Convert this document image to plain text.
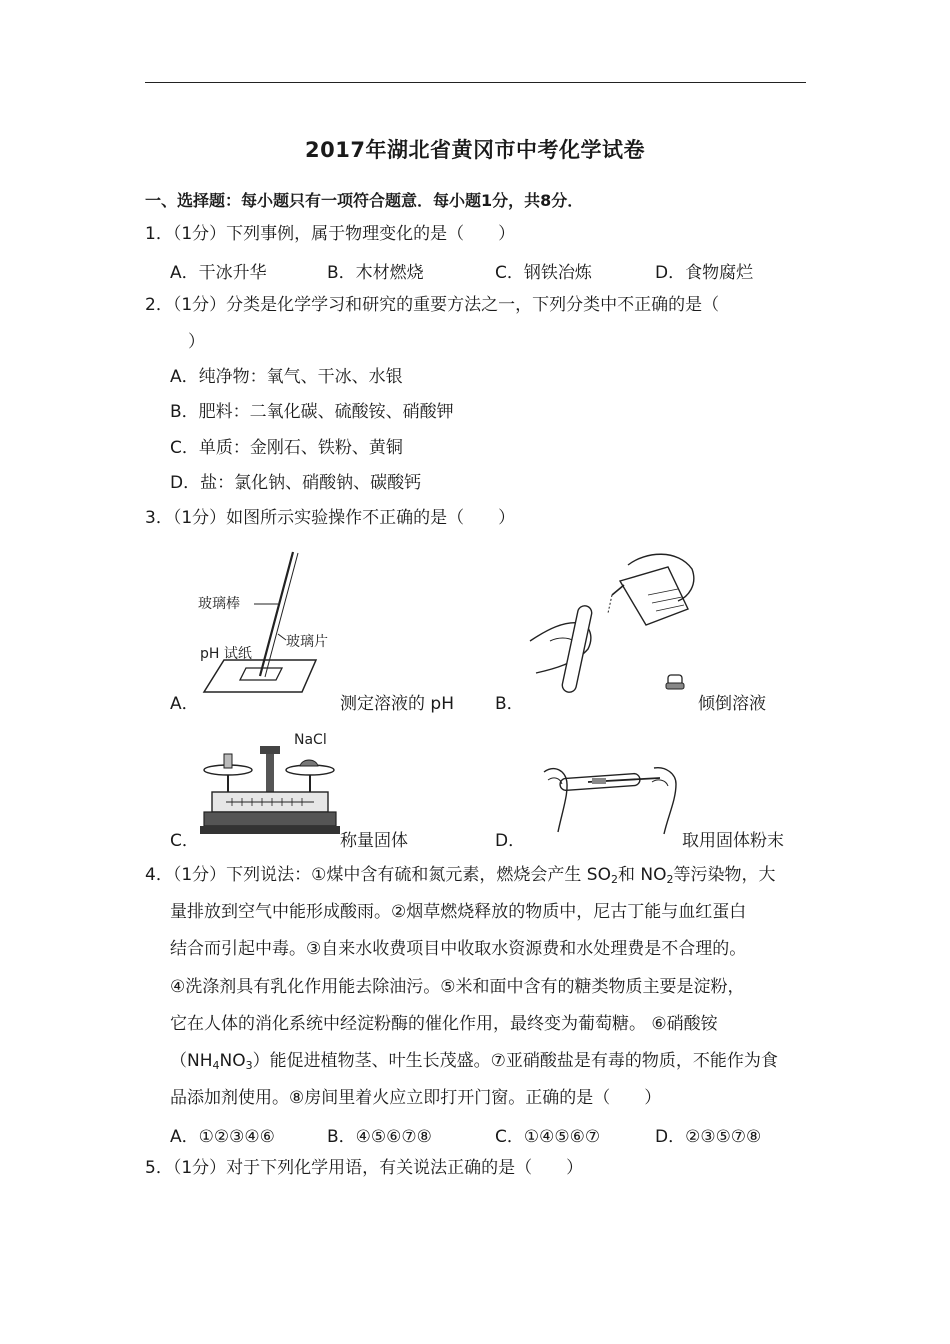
2017年湖北省黄冈市中考化学试卷
一、选择题：每小题只有一项符合题意．每小题1分，共8分．
1．（1分）下列事例，属于物理变化的是（　　）
A．干冰升华	B．木材燃烧	C．钢铁冶炼	D．食物腐烂
2．（1分）分类是化学学习和研究的重要方法之一，下列分类中不正确的是（
）
A．纯净物：氧气、干冰、水银
B．肥料：二氧化碳、硫酸铵、硝酸钾
C．单质：金刚石、铁粉、黄铜
D．盐：氯化钠、硝酸钠、碳酸钙
3．（1分）如图所示实验操作不正确的是（　　）
玻璃棒
玻璃片
pH 试纸
A．	测定溶液的 pH B．	倾倒溶液
NaCl
C．	称量固体	D．	取用固体粉末
4．（1分）下列说法：①煤中含有硫和氮元素，燃烧会产生 $SO_2$和 $NO_2$等污染物，大
量排放到空气中能形成酸雨。②烟草燃烧释放的物质中，尼古丁能与血红蛋白
结合而引起中毒。③自来水收费项目中收取水资源费和水处理费是不合理的。
④洗涤剂具有乳化作用能去除油污。⑤米和面中含有的糖类物质主要是淀粉，
它在人体的消化系统中经淀粉酶的催化作用，最终变为葡萄糖。 ⑥硝酸铵
$(NH_4NO_3)$能促进植物茎、叶生长茂盛。⑦亚硝酸盐是有毒的物质，不能作为食
品添加剂使用。⑧房间里着火应立即打开门窗。正确的是（　　）
A．①②③④⑥	B．④⑤⑥⑦⑧	C．①④⑤⑥⑦	D．②③⑤⑦⑧
5．（1分）对于下列化学用语，有关说法正确的是（　　）
